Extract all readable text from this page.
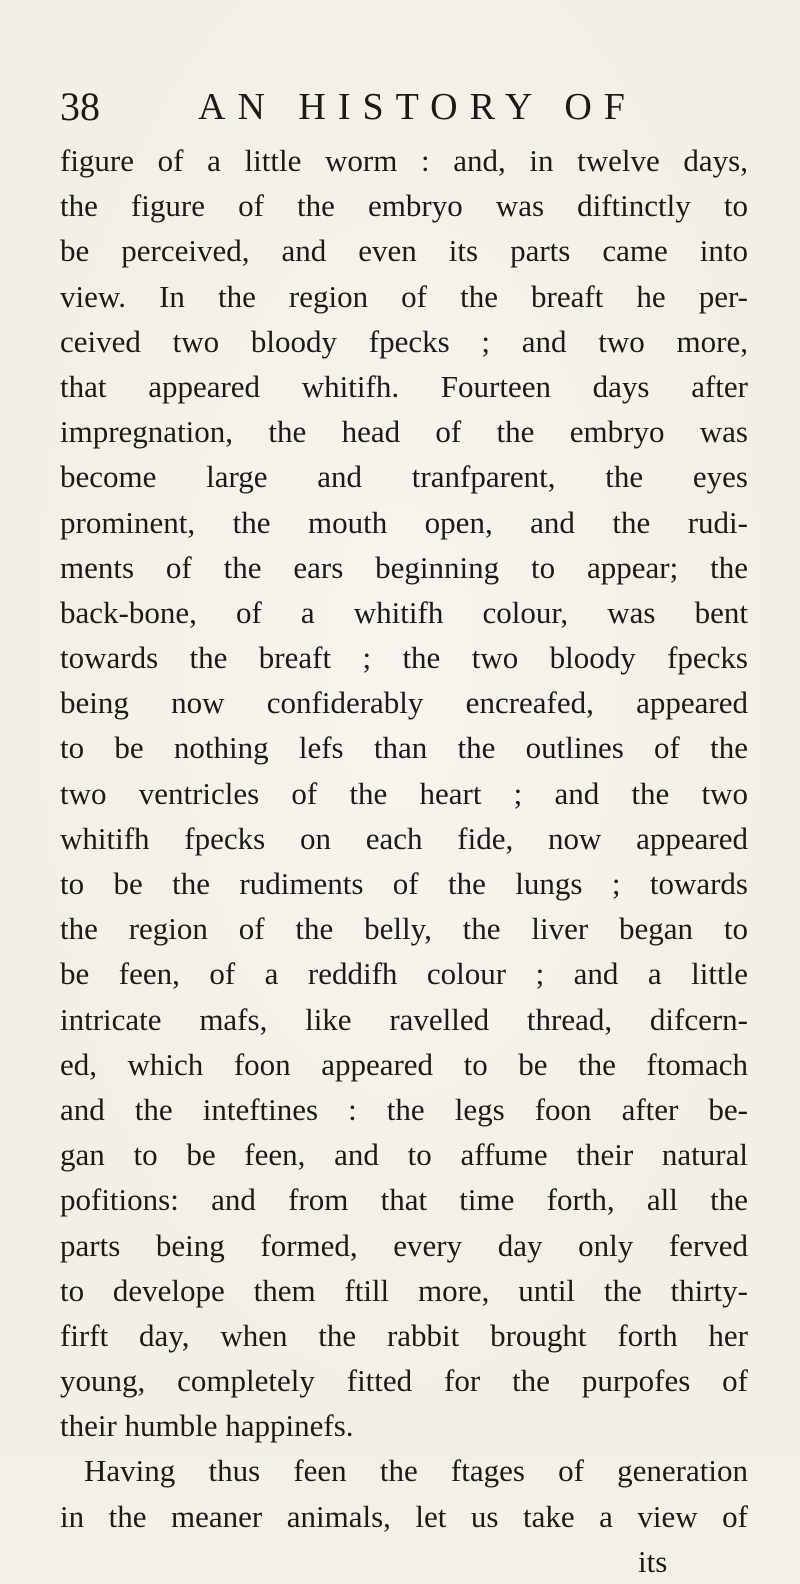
38	AN HISTORY OF
figure of a little worm : and, in twelve days,
the figure of the embryo was diftinctly to
be perceived, and even its parts came into
view. In the region of the breaft he per-
ceived two bloody fpecks ; and two more,
that appeared whitifh. Fourteen days after
impregnation, the head of the embryo was
become large and tranfparent, the eyes
prominent, the mouth open, and the rudi-
ments of the ears beginning to appear; the
back-bone, of a whitifh colour, was bent
towards the breaft ; the two bloody fpecks
being now confiderably encreafed, appeared
to be nothing lefs than the outlines of the
two ventricles of the heart ; and the two
whitifh fpecks on each fide, now appeared
to be the rudiments of the lungs ; towards
the region of the belly, the liver began to
be feen, of a reddifh colour ; and a little
intricate mafs, like ravelled thread, difcern-
ed, which foon appeared to be the ftomach
and the inteftines : the legs foon after be-
gan to be feen, and to affume their natural
pofitions: and from that time forth, all the
parts being formed, every day only ferved
to develope them ftill more, until the thirty-
firft day, when the rabbit brought forth her
young, completely fitted for the purpofes of
their humble happinefs.
Having thus feen the ftages of generation
in the meaner animals, let us take a view of
its
